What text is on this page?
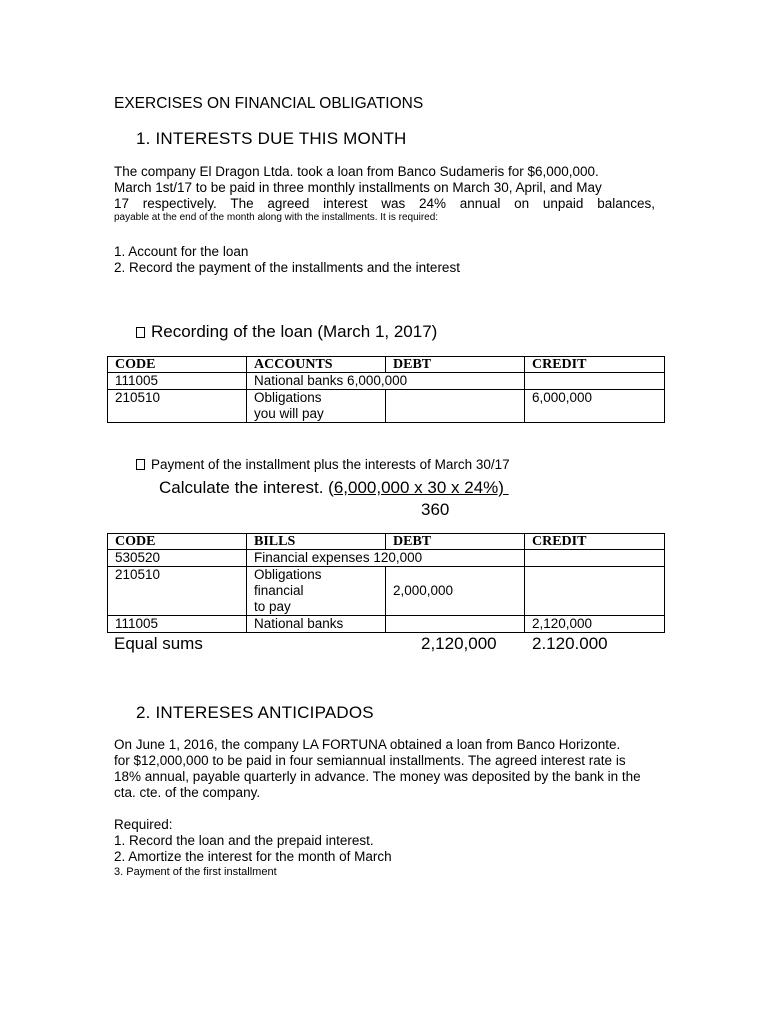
EXERCISES ON FINANCIAL OBLIGATIONS
1. INTERESTS DUE THIS MONTH
The company El Dragon Ltda. took a loan from Banco Sudameris for $6,000,000.
March 1st/17 to be paid in three monthly installments on March 30, April, and May
17 respectively. The agreed interest was 24% annual on unpaid balances,
payable at the end of the month along with the installments. It is required:
1. Account for the loan
2. Record the payment of the installments and the interest
Recording of the loan (March 1, 2017)
CODE	ACCOUNTS	DEBT	CREDIT
111005	National banks 6,000,000		
210510	Obligations
you will pay		6,000,000
Payment of the installment plus the interests of March 30/17
Calculate the interest. (6,000,000 x 30 x 24%)
360
CODE	BILLS	DEBT	CREDIT
530520	Financial expenses 120,000		
210510	Obligations
financial
to pay	2,000,000	
111005	National banks		2,120,000
Equal sums	2,120,000 2.120.000
2. INTERESES ANTICIPADOS
On June 1, 2016, the company LA FORTUNA obtained a loan from Banco Horizonte.
for $12,000,000 to be paid in four semiannual installments. The agreed interest rate is
18% annual, payable quarterly in advance. The money was deposited by the bank in the
cta. cte. of the company.
Required:
1. Record the loan and the prepaid interest.
2. Amortize the interest for the month of March
3. Payment of the first installment
